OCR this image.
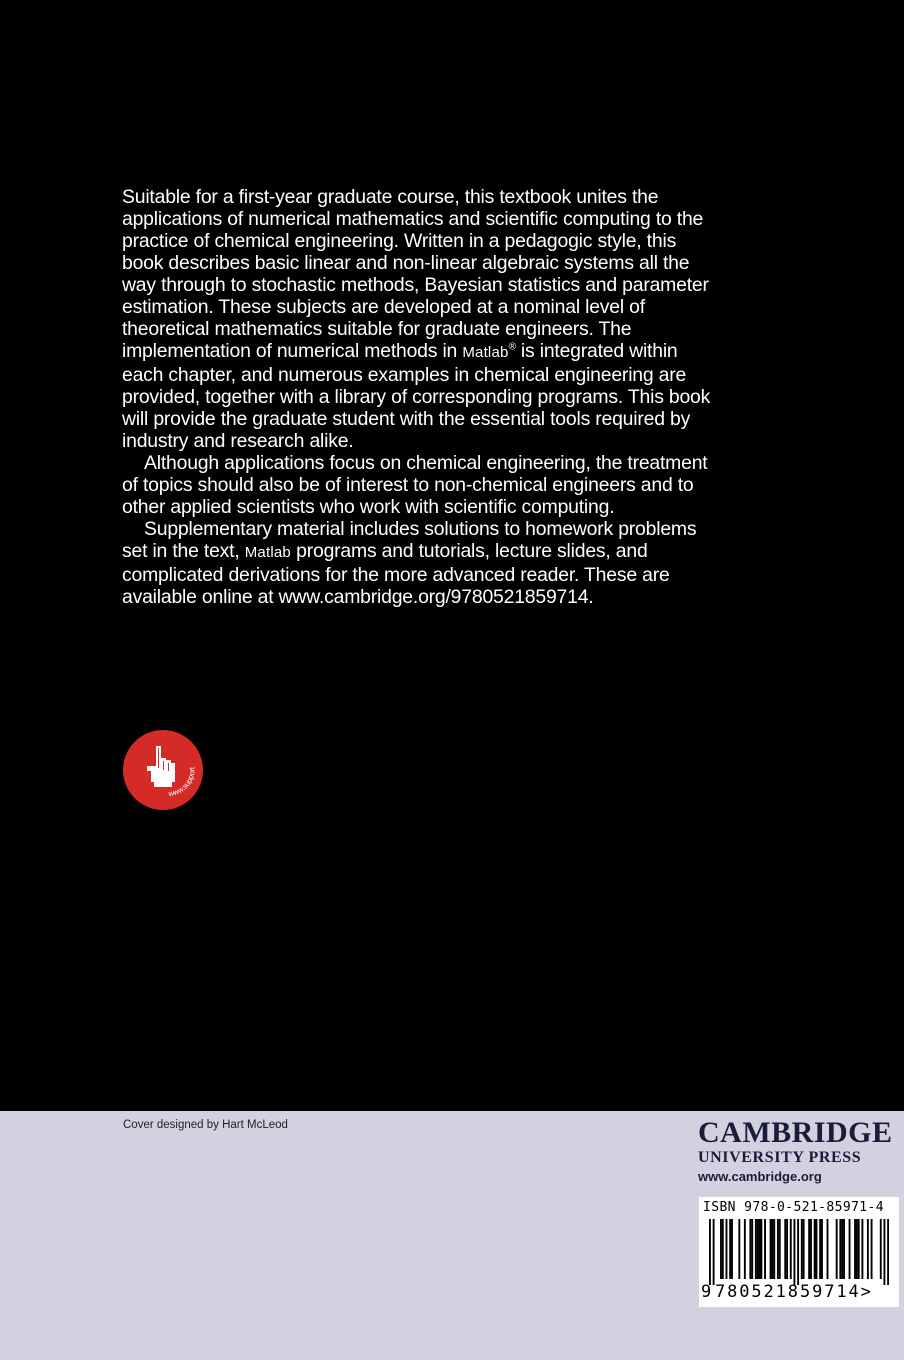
Suitable for a first-year graduate course, this textbook unites the applications of numerical mathematics and scientific computing to the practice of chemical engineering. Written in a pedagogic style, this book describes basic linear and non-linear algebraic systems all the way through to stochastic methods, Bayesian statistics and parameter estimation. These subjects are developed at a nominal level of theoretical mathematics suitable for graduate engineers. The implementation of numerical methods in Matlab® is integrated within each chapter, and numerous examples in chemical engineering are provided, together with a library of corresponding programs. This book will provide the graduate student with the essential tools required by industry and research alike.

Although applications focus on chemical engineering, the treatment of topics should also be of interest to non-chemical engineers and to other applied scientists who work with scientific computing.

Supplementary material includes solutions to homework problems set in the text, Matlab programs and tutorials, lecture slides, and complicated derivations for the more advanced reader. These are available online at www.cambridge.org/9780521859714.

www.support
Cover designed by Hart McLeod	CAMBRIDGE
UNIVERSITY PRESS
www.cambridge.org
ISBN 978-0-521-85971-4
9 780521859714>
